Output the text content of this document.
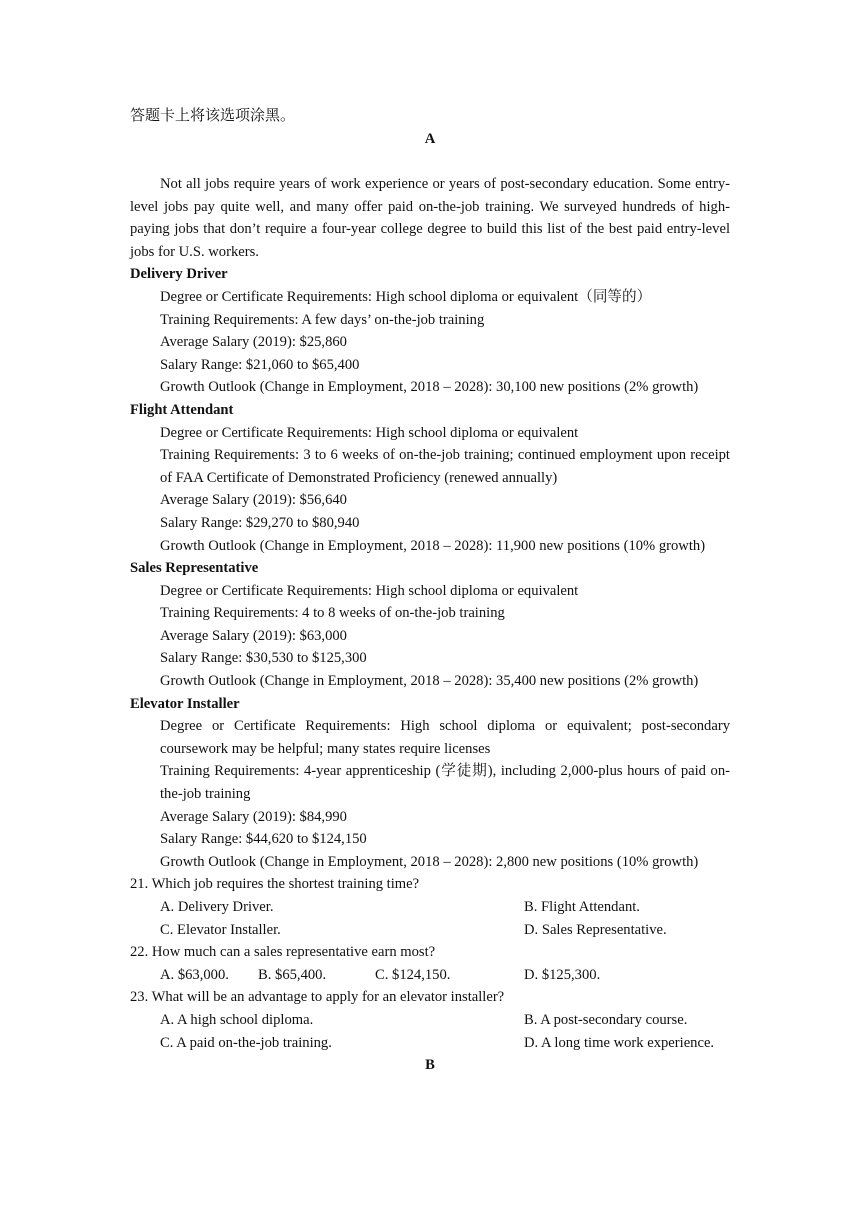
答题卡上将该选项涂黑。
A
Not all jobs require years of work experience or years of post-secondary education. Some entry-level jobs pay quite well, and many offer paid on-the-job training. We surveyed hundreds of high-paying jobs that don’t require a four-year college degree to build this list of the best paid entry-level jobs for U.S. workers.
Delivery Driver
Degree or Certificate Requirements: High school diploma or equivalent（同等的）
Training Requirements: A few days’ on-the-job training
Average Salary (2019): $25,860
Salary Range: $21,060 to $65,400
Growth Outlook (Change in Employment, 2018 – 2028): 30,100 new positions (2% growth)
Flight Attendant
Degree or Certificate Requirements: High school diploma or equivalent
Training Requirements: 3 to 6 weeks of on-the-job training; continued employment upon receipt of FAA Certificate of Demonstrated Proficiency (renewed annually)
Average Salary (2019): $56,640
Salary Range: $29,270 to $80,940
Growth Outlook (Change in Employment, 2018 – 2028): 11,900 new positions (10% growth)
Sales Representative
Degree or Certificate Requirements: High school diploma or equivalent
Training Requirements: 4 to 8 weeks of on-the-job training
Average Salary (2019): $63,000
Salary Range: $30,530 to $125,300
Growth Outlook (Change in Employment, 2018 – 2028): 35,400 new positions (2% growth)
Elevator Installer
Degree or Certificate Requirements: High school diploma or equivalent; post-secondary coursework may be helpful; many states require licenses
Training Requirements: 4-year apprenticeship (学徒期), including 2,000-plus hours of paid on-the-job training
Average Salary (2019): $84,990
Salary Range: $44,620 to $124,150
Growth Outlook (Change in Employment, 2018 – 2028): 2,800 new positions (10% growth)
21. Which job requires the shortest training time?
A. Delivery Driver.	B. Flight Attendant.
C. Elevator Installer.	D. Sales Representative.
22. How much can a sales representative earn most?
A. $63,000. B. $65,400.	C. $124,150.	D. $125,300.
23. What will be an advantage to apply for an elevator installer?
A. A high school diploma.	B. A post-secondary course.
C. A paid on-the-job training.	D. A long time work experience.
B
